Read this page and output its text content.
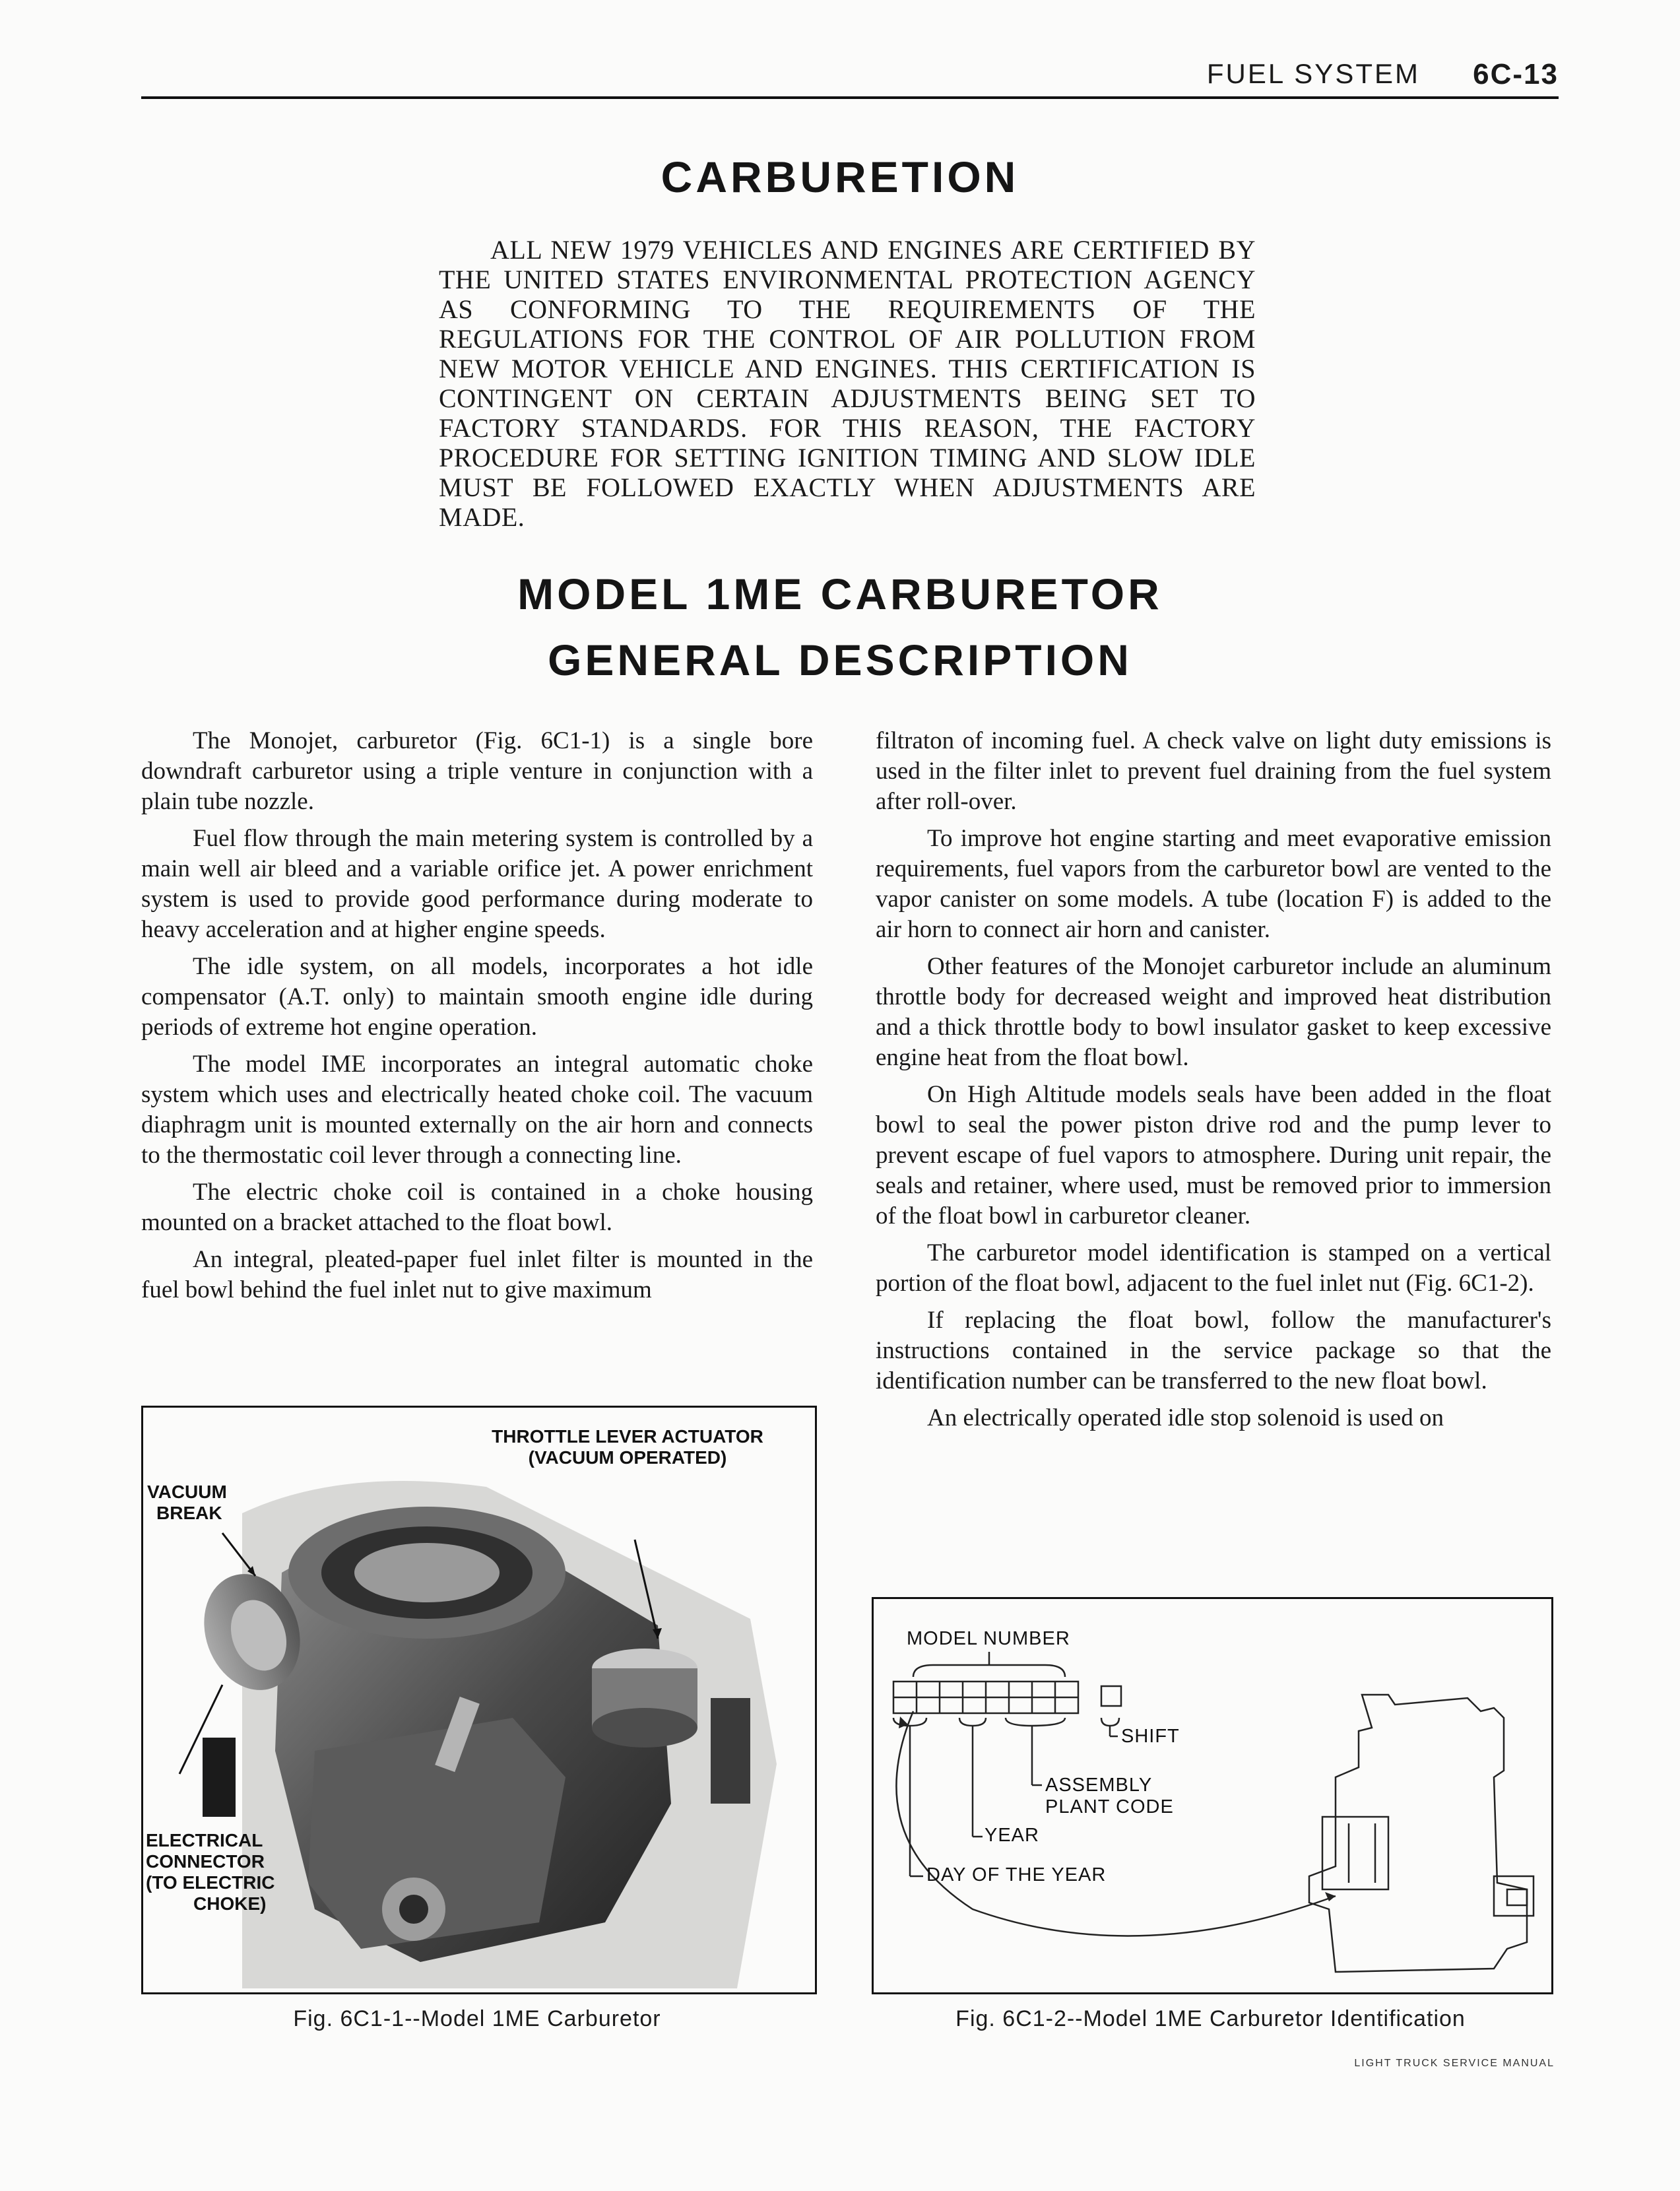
FUEL SYSTEM 6C-13
CARBURETION
ALL NEW 1979 VEHICLES AND ENGINES ARE CERTIFIED BY THE UNITED STATES ENVIRONMENTAL PROTECTION AGENCY AS CONFORMING TO THE REQUIREMENTS OF THE REGULATIONS FOR THE CONTROL OF AIR POLLUTION FROM NEW MOTOR VEHICLE AND ENGINES. THIS CERTIFICATION IS CONTINGENT ON CERTAIN ADJUSTMENTS BEING SET TO FACTORY STANDARDS. FOR THIS REASON, THE FACTORY PROCEDURE FOR SETTING IGNITION TIMING AND SLOW IDLE MUST BE FOLLOWED EXACTLY WHEN ADJUSTMENTS ARE MADE.
MODEL 1ME CARBURETOR
GENERAL DESCRIPTION

The Monojet, carburetor (Fig. 6C1-1) is a single bore downdraft carburetor using a triple venture in conjunction with a plain tube nozzle.

Fuel flow through the main metering system is controlled by a main well air bleed and a variable orifice jet. A power enrichment system is used to provide good performance during moderate to heavy acceleration and at higher engine speeds.

The idle system, on all models, incorporates a hot idle compensator (A.T. only) to maintain smooth engine idle during periods of extreme hot engine operation.

The model IME incorporates an integral automatic choke system which uses and electrically heated choke coil. The vacuum diaphragm unit is mounted externally on the air horn and connects to the thermostatic coil lever through a connecting line.

The electric choke coil is contained in a choke housing mounted on a bracket attached to the float bowl.

An integral, pleated-paper fuel inlet filter is mounted in the fuel bowl behind the fuel inlet nut to give maximum

filtraton of incoming fuel. A check valve on light duty emissions is used in the filter inlet to prevent fuel draining from the fuel system after roll-over.

To improve hot engine starting and meet evaporative emission requirements, fuel vapors from the carburetor bowl are vented to the vapor canister on some models. A tube (location F) is added to the air horn to connect air horn and canister.

Other features of the Monojet carburetor include an aluminum throttle body for decreased weight and improved heat distribution and a thick throttle body to bowl insulator gasket to keep excessive engine heat from the float bowl.

On High Altitude models seals have been added in the float bowl to seal the power piston drive rod and the pump lever to prevent escape of fuel vapors to atmosphere. During unit repair, the seals and retainer, where used, must be removed prior to immersion of the float bowl in carburetor cleaner.

The carburetor model identification is stamped on a vertical portion of the float bowl, adjacent to the fuel inlet nut (Fig. 6C1-2).

If replacing the float bowl, follow the manufacturer's instructions contained in the service package so that the identification number can be transferred to the new float bowl.

An electrically operated idle stop solenoid is used on

THROTTLE LEVER ACTUATOR
(VACUUM OPERATED)
VACUUM
BREAK
ELECTRICAL
CONNECTOR
(TO ELECTRIC
CHOKE)
Fig. 6C1-1--Model 1ME Carburetor
MODEL NUMBER
SHIFT
ASSEMBLY
PLANT CODE
YEAR
DAY OF THE YEAR
Fig. 6C1-2--Model 1ME Carburetor Identification
LIGHT TRUCK SERVICE MANUAL
